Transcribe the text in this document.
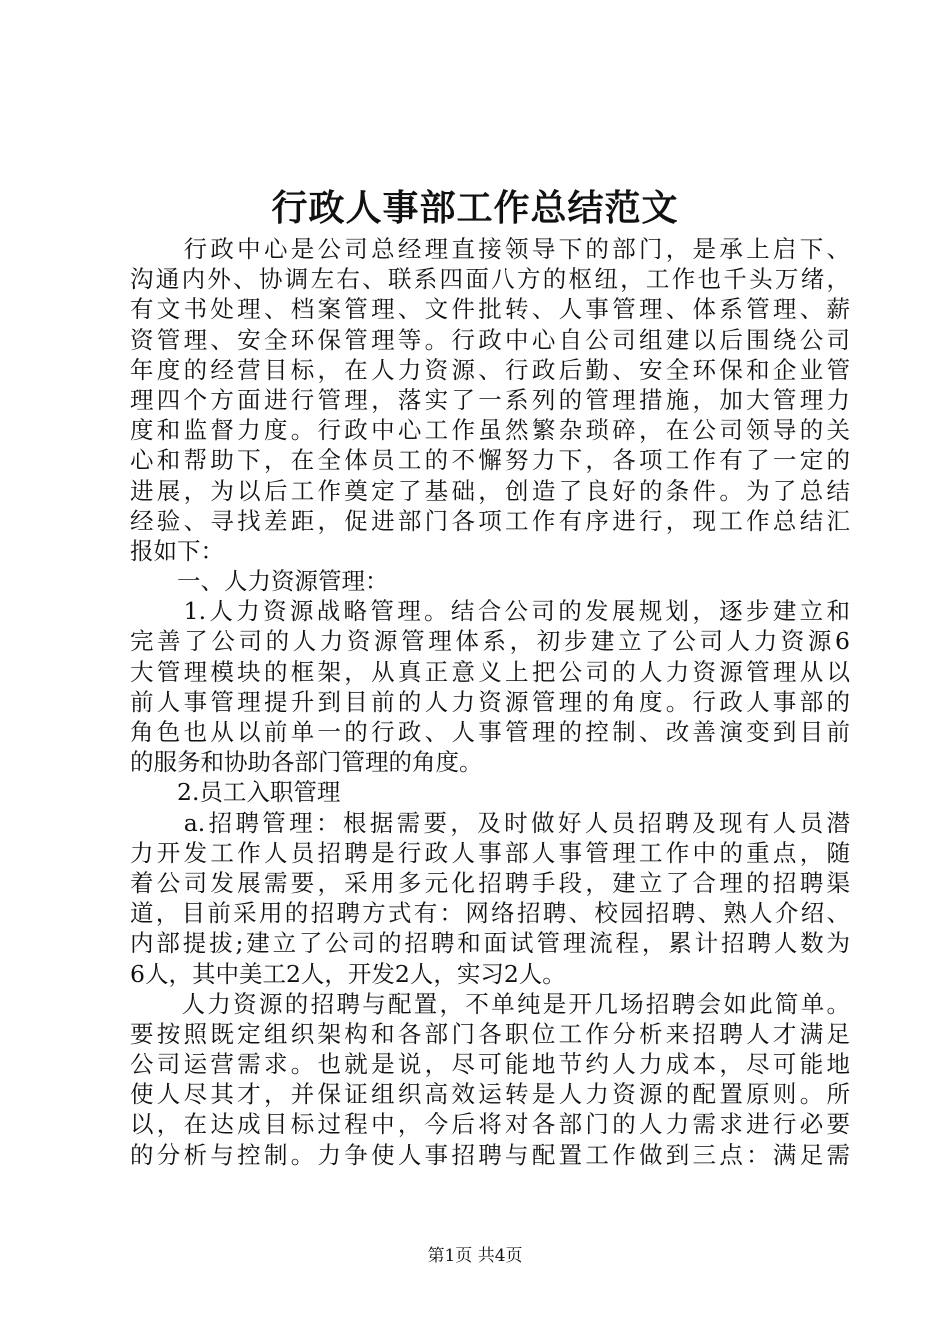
行政人事部工作总结范文
　　行政中心是公司总经理直接领导下的部门，是承上启下、
沟通内外、协调左右、联系四面八方的枢纽，工作也千头万绪，
有文书处理、档案管理、文件批转、人事管理、体系管理、薪
资管理、安全环保管理等。行政中心自公司组建以后围绕公司
年度的经营目标，在人力资源、行政后勤、安全环保和企业管
理四个方面进行管理，落实了一系列的管理措施，加大管理力
度和监督力度。行政中心工作虽然繁杂琐碎，在公司领导的关
心和帮助下，在全体员工的不懈努力下，各项工作有了一定的
进展，为以后工作奠定了基础，创造了良好的条件。为了总结
经验、寻找差距，促进部门各项工作有序进行，现工作总结汇
报如下：
　　一、人力资源管理：
　　1.人力资源战略管理。结合公司的发展规划，逐步建立和
完善了公司的人力资源管理体系，初步建立了公司人力资源6
大管理模块的框架，从真正意义上把公司的人力资源管理从以
前人事管理提升到目前的人力资源管理的角度。行政人事部的
角色也从以前单一的行政、人事管理的控制、改善演变到目前
的服务和协助各部门管理的角度。
　　2.员工入职管理
　　a.招聘管理：根据需要，及时做好人员招聘及现有人员潜
力开发工作人员招聘是行政人事部人事管理工作中的重点，随
着公司发展需要，采用多元化招聘手段，建立了合理的招聘渠
道，目前采用的招聘方式有：网络招聘、校园招聘、熟人介绍、
内部提拔;建立了公司的招聘和面试管理流程，累计招聘人数为
6人，其中美工2人，开发2人，实习2人。
　　人力资源的招聘与配置，不单纯是开几场招聘会如此简单。
要按照既定组织架构和各部门各职位工作分析来招聘人才满足
公司运营需求。也就是说，尽可能地节约人力成本，尽可能地
使人尽其才，并保证组织高效运转是人力资源的配置原则。所
以，在达成目标过程中，今后将对各部门的人力需求进行必要
的分析与控制。力争使人事招聘与配置工作做到三点：满足需
第1页 共4页
